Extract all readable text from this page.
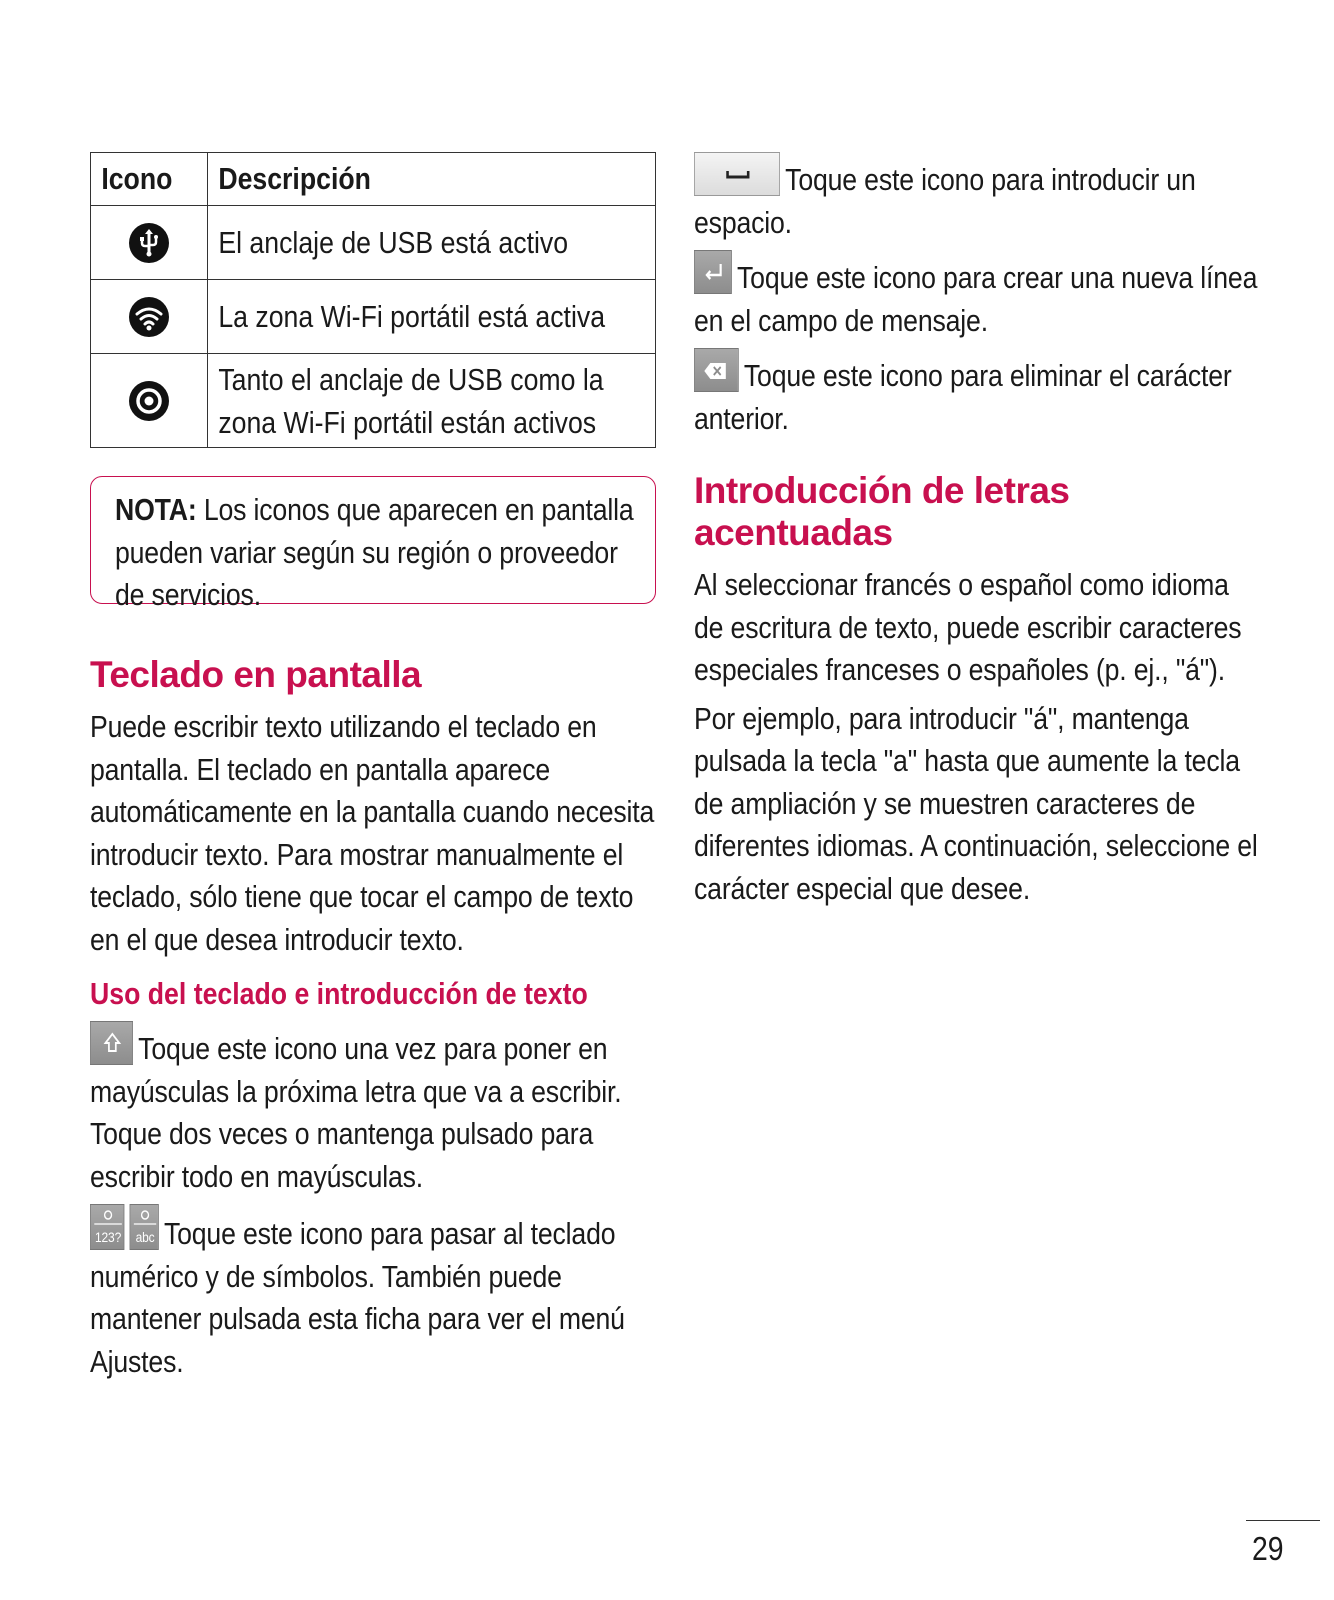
Icono	Descripción

El anclaje de USB está activo

La zona Wi-Fi portátil está activa

Tanto el anclaje de USB como la zona Wi-Fi portátil están activos
NOTA: Los iconos que aparecen en pantalla pueden variar según su región o proveedor de servicios.
Teclado en pantalla
Puede escribir texto utilizando el teclado en pantalla. El teclado en pantalla aparece automáticamente en la pantalla cuando necesita introducir texto. Para mostrar manualmente el teclado, sólo tiene que tocar el campo de texto en el que desea introducir texto.
Uso del teclado e introducción de texto
Toque este icono una vez para poner en mayúsculas la próxima letra que va a escribir. Toque dos veces o mantenga pulsado para escribir todo en mayúsculas.
123? abc Toque este icono para pasar al teclado numérico y de símbolos. También puede mantener pulsada esta ficha para ver el menú Ajustes.
Toque este icono para introducir un espacio.
Toque este icono para crear una nueva línea en el campo de mensaje.
Toque este icono para eliminar el carácter anterior.
Introducción de letras acentuadas
Al seleccionar francés o español como idioma de escritura de texto, puede escribir caracteres especiales franceses o españoles (p. ej., "á").
Por ejemplo, para introducir "á", mantenga pulsada la tecla "a" hasta que aumente la tecla de ampliación y se muestren caracteres de diferentes idiomas. A continuación, seleccione el carácter especial que desee.
29
